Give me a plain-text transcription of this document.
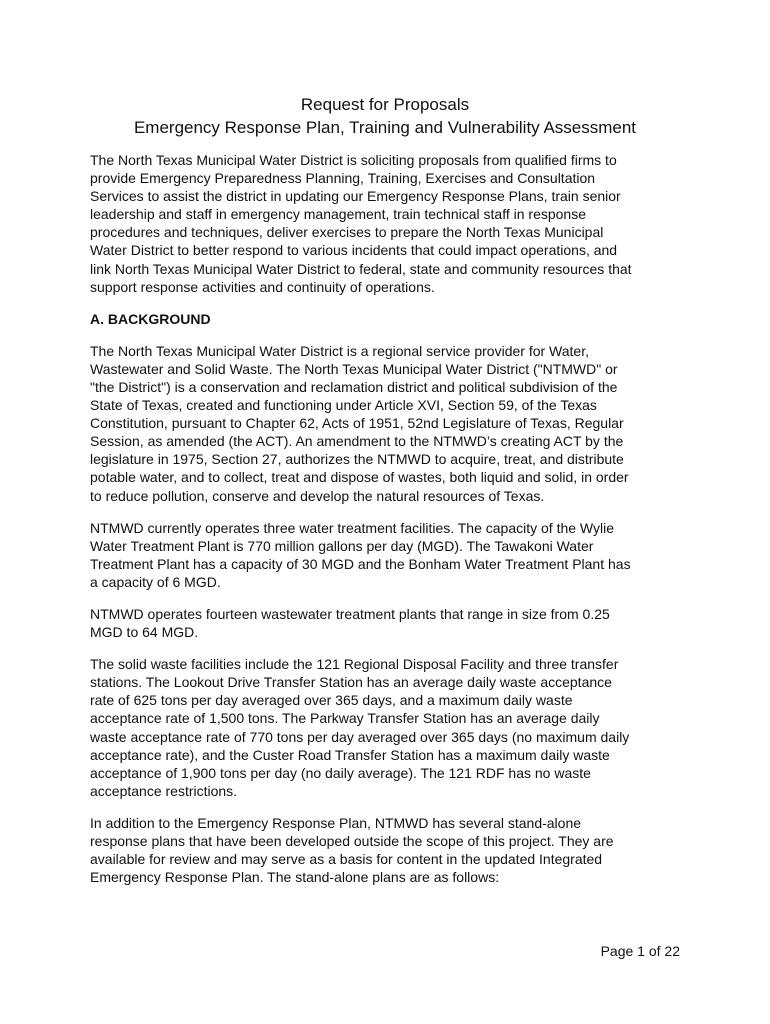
Request for Proposals

Emergency Response Plan, Training and Vulnerability Assessment

The North Texas Municipal Water District is soliciting proposals from qualified firms to
provide Emergency Preparedness Planning, Training, Exercises and Consultation
Services to assist the district in updating our Emergency Response Plans, train senior
leadership and staff in emergency management, train technical staff in response
procedures and techniques, deliver exercises to prepare the North Texas Municipal
Water District to better respond to various incidents that could impact operations, and
link North Texas Municipal Water District to federal, state and community resources that
support response activities and continuity of operations.

A. BACKGROUND

The North Texas Municipal Water District is a regional service provider for Water,
Wastewater and Solid Waste. The North Texas Municipal Water District ("NTMWD" or
"the District") is a conservation and reclamation district and political subdivision of the
State of Texas, created and functioning under Article XVI, Section 59, of the Texas
Constitution, pursuant to Chapter 62, Acts of 1951, 52nd Legislature of Texas, Regular
Session, as amended (the ACT). An amendment to the NTMWD’s creating ACT by the
legislature in 1975, Section 27, authorizes the NTMWD to acquire, treat, and distribute
potable water, and to collect, treat and dispose of wastes, both liquid and solid, in order
to reduce pollution, conserve and develop the natural resources of Texas.

NTMWD currently operates three water treatment facilities. The capacity of the Wylie
Water Treatment Plant is 770 million gallons per day (MGD). The Tawakoni Water
Treatment Plant has a capacity of 30 MGD and the Bonham Water Treatment Plant has
a capacity of 6 MGD.

NTMWD operates fourteen wastewater treatment plants that range in size from 0.25
MGD to 64 MGD.

The solid waste facilities include the 121 Regional Disposal Facility and three transfer
stations. The Lookout Drive Transfer Station has an average daily waste acceptance
rate of 625 tons per day averaged over 365 days, and a maximum daily waste
acceptance rate of 1,500 tons. The Parkway Transfer Station has an average daily
waste acceptance rate of 770 tons per day averaged over 365 days (no maximum daily
acceptance rate), and the Custer Road Transfer Station has a maximum daily waste
acceptance of 1,900 tons per day (no daily average). The 121 RDF has no waste
acceptance restrictions.

In addition to the Emergency Response Plan, NTMWD has several stand-alone
response plans that have been developed outside the scope of this project. They are
available for review and may serve as a basis for content in the updated Integrated
Emergency Response Plan. The stand-alone plans are as follows:

Page 1 of 22
